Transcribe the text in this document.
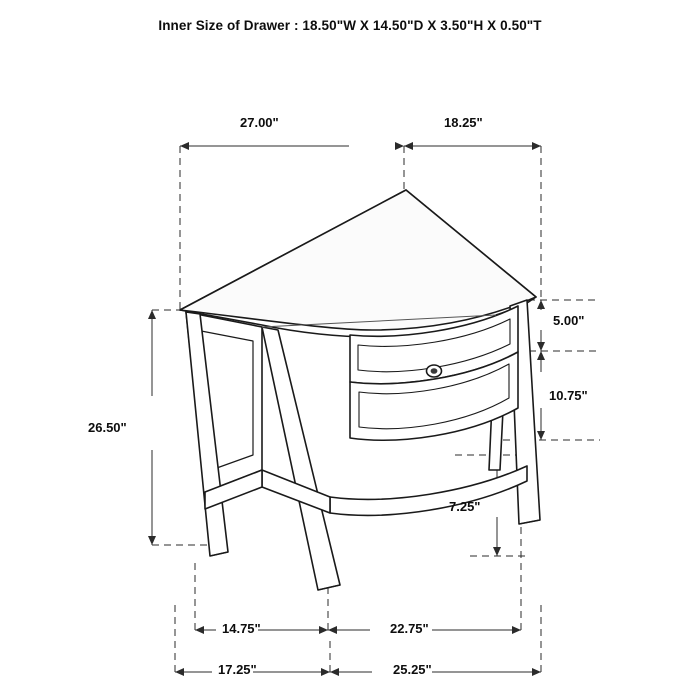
Inner Size of Drawer : 18.50"W X 14.50"D X 3.50"H X 0.50"T
27.00"	18.25"
5.00"
10.75"
26.50"
7.25"
14.75"	22.75"
17.25"	25.25"
